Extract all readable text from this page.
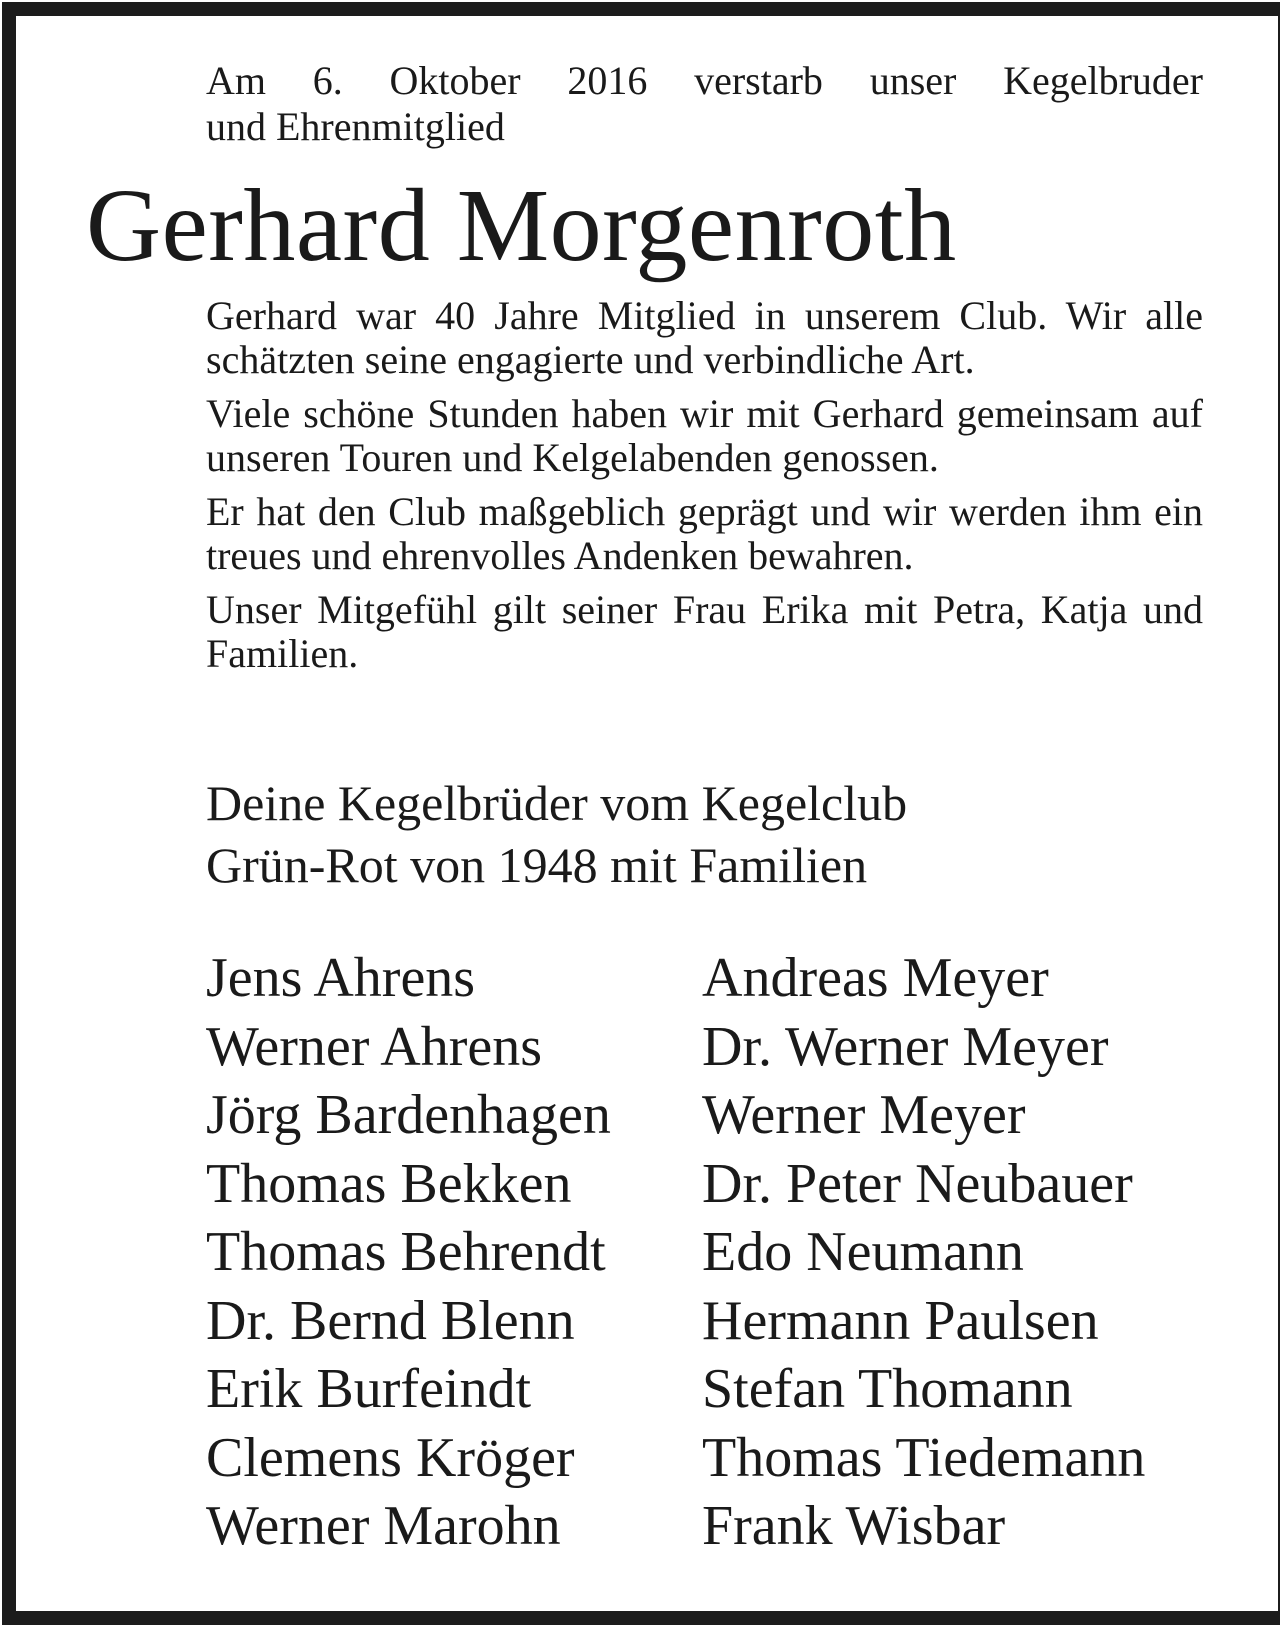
Am 6. Oktober 2016 verstarb unser Kegelbruder
und Ehrenmitglied
Gerhard Morgenroth

Gerhard war 40 Jahre Mitglied in unserem Club. Wir alle schätzten seine engagierte und verbindliche Art.

Viele schöne Stunden haben wir mit Gerhard gemeinsam auf unseren Touren und Kelgelabenden genossen.

Er hat den Club maßgeblich geprägt und wir werden ihm ein treues und ehrenvolles Andenken bewahren.

Unser Mitgefühl gilt seiner Frau Erika mit Petra, Katja und Familien.

Deine Kegelbrüder vom Kegelclub
Grün-Rot von 1948 mit Familien
Jens Ahrens
Werner Ahrens
Jörg Bardenhagen
Thomas Bekken
Thomas Behrendt
Dr. Bernd Blenn
Erik Burfeindt
Clemens Kröger
Werner Marohn
Andreas Meyer
Dr. Werner Meyer
Werner Meyer
Dr. Peter Neubauer
Edo Neumann
Hermann Paulsen
Stefan Thomann
Thomas Tiedemann
Frank Wisbar
